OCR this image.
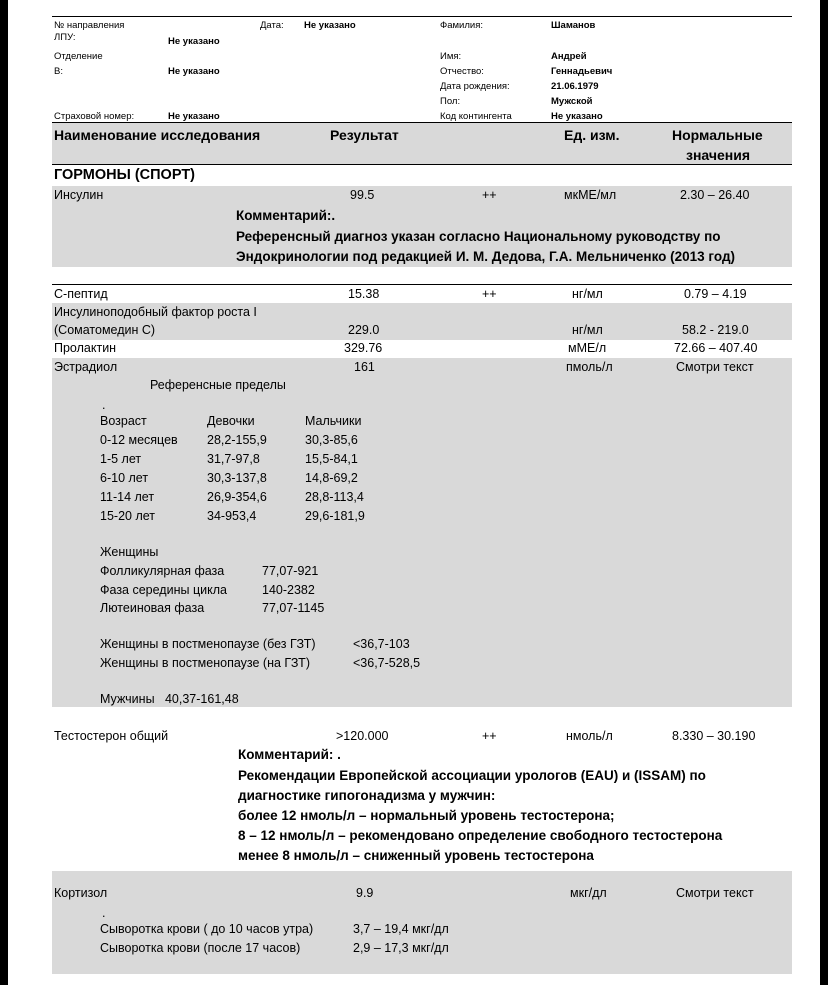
№ направления	Дата: Не указано
ЛПУ:	Не указано
Отделение
В:	Не указано
Страховой номер:	Не указано
Фамилия:	Шаманов
Имя:	Андрей
Отчество:	Геннадьевич
Дата рождения:	21.06.1979
Пол:	Мужской
Код контингента	Не указано
Наименование исследования	Результат	Ед. изм.	Нормальные
значения
ГОРМОНЫ (СПОРТ)
Инсулин	99.5	++	мкМЕ/мл	2.30 – 26.40
Комментарий:.
Референсный диагноз указан согласно Национальному руководству по
Эндокринологии под редакцией И. М. Дедова, Г.А. Мельниченко (2013 год)
С-пептид	15.38	++	нг/мл	0.79 – 4.19
Инсулиноподобный фактор роста I
(Соматомедин С)	229.0	нг/мл	58.2 - 219.0
Пролактин	329.76	мМЕ/л	72.66 – 407.40
Эстрадиол	161	пмоль/л	Смотри текст
Референсные пределы
.
Возраст	Девочки	Мальчики
0-12 месяцев 28,2-155,9	30,3-85,6
1-5 лет	31,7-97,8	15,5-84,1
6-10 лет	30,3-137,8	14,8-69,2
11-14 лет	26,9-354,6	28,8-113,4
15-20 лет	34-953,4	29,6-181,9
Женщины
Фолликулярная фаза	77,07-921
Фаза середины цикла	140-2382
Лютеиновая фаза	77,07-1145
Женщины в постменопаузе (без ГЗТ)	<36,7-103
Женщины в постменопаузе (на ГЗТ)	<36,7-528,5
Мужчины   40,37-161,48
Тестостерон общий	>120.000	++	нмоль/л	8.330 – 30.190
Комментарий: .
Рекомендации Европейской ассоциации урологов (EAU) и (ISSAM) по
диагностике гипогонадизма у мужчин:
более 12 нмоль/л – нормальный уровень тестостерона;
8 – 12 нмоль/л – рекомендовано определение свободного тестостерона
менее 8 нмоль/л – сниженный уровень тестостерона
Кортизол	9.9	мкг/дл	Смотри текст
.
Сыворотка крови ( до 10 часов утра)	3,7 – 19,4 мкг/дл
Сыворотка крови (после 17 часов)	2,9 – 17,3 мкг/дл
